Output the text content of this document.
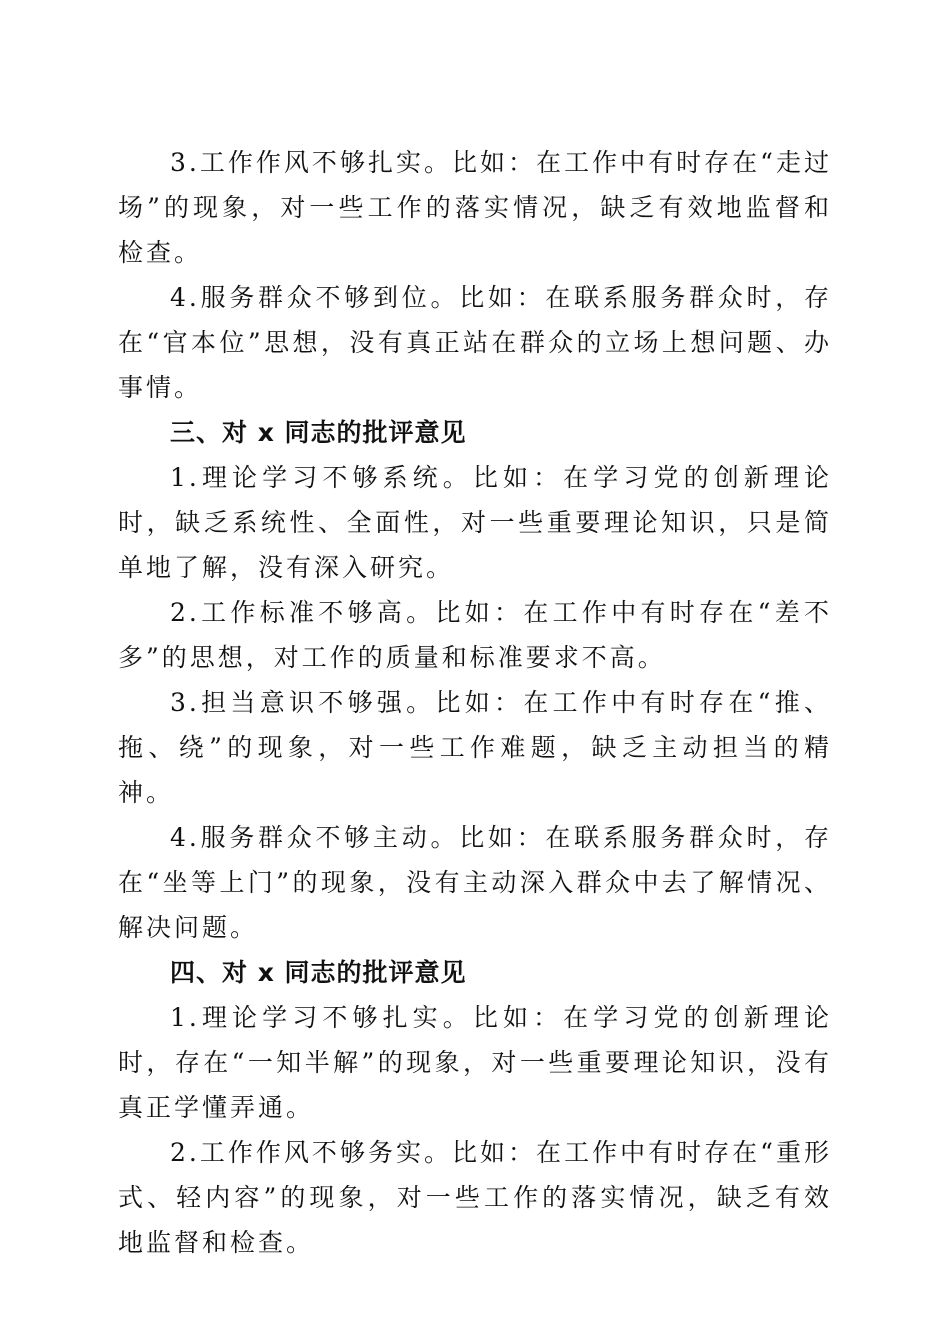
3.工作作风不够扎实。比如：在工作中有时存在“走过场”的现象，对一些工作的落实情况，缺乏有效地监督和检查。

4.服务群众不够到位。比如：在联系服务群众时，存在“官本位”思想，没有真正站在群众的立场上想问题、办事情。

三、对 x 同志的批评意见

1.理论学习不够系统。比如：在学习党的创新理论时，缺乏系统性、全面性，对一些重要理论知识，只是简单地了解，没有深入研究。

2.工作标准不够高。比如：在工作中有时存在“差不多”的思想，对工作的质量和标准要求不高。

3.担当意识不够强。比如：在工作中有时存在“推、拖、绕”的现象，对一些工作难题，缺乏主动担当的精神。

4.服务群众不够主动。比如：在联系服务群众时，存在“坐等上门”的现象，没有主动深入群众中去了解情况、解决问题。

四、对 x 同志的批评意见

1.理论学习不够扎实。比如：在学习党的创新理论时，存在“一知半解”的现象，对一些重要理论知识，没有真正学懂弄通。

2.工作作风不够务实。比如：在工作中有时存在“重形式、轻内容”的现象，对一些工作的落实情况，缺乏有效地监督和检查。
